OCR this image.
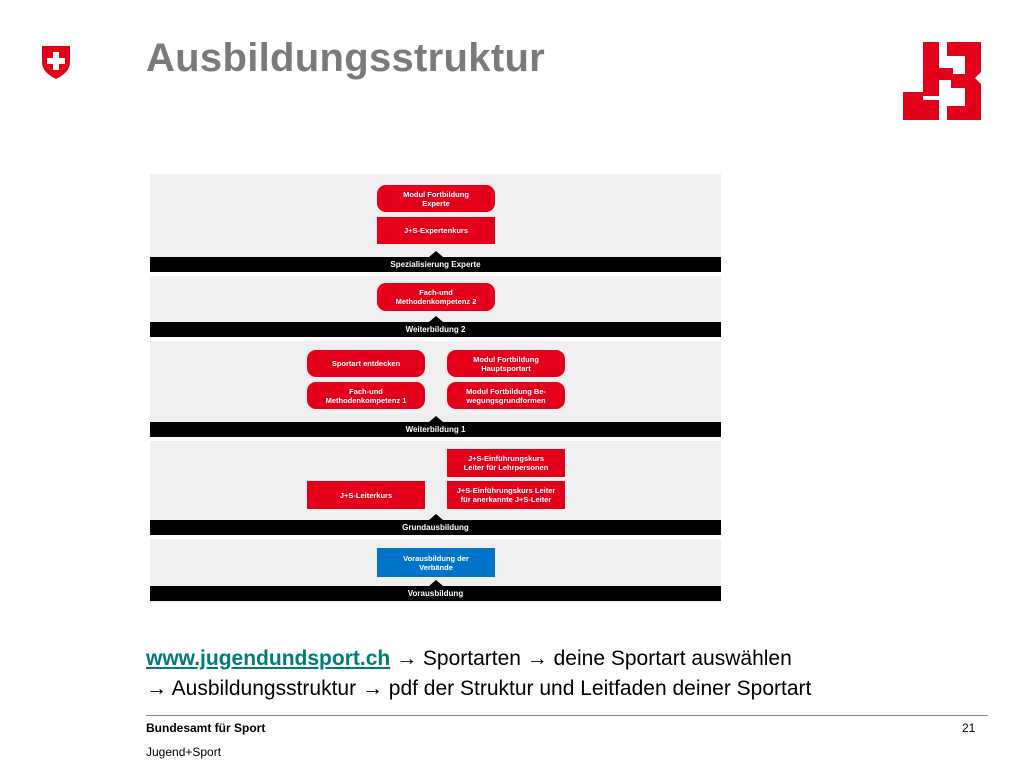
Ausbildungsstruktur
Modul Fortbildung
Experte
J+S-Expertenkurs
Spezialisierung Experte
Fach-und
Methodenkompetenz 2
Weiterbildung 2
Sportart entdecken	Modul Fortbildung
Hauptsportart
Fach-und
Methodenkompetenz 1
Modul Fortbildung Be-
wegungsgrundformen
Weiterbildung 1
J+S-Einführungskurs
Leiter für Lehrpersonen
J+S-Leiterkurs	J+S-Einführungskurs Leiter
für anerkannte J+S-Leiter
Grundausbildung
Vorausbildung der
Verbände
Vorausbildung
www.jugendundsport.ch → Sportarten → deine Sportart auswählen
→ Ausbildungsstruktur → pdf der Struktur und Leitfaden deiner Sportart
Bundesamt für Sport
Jugend+Sport
21
